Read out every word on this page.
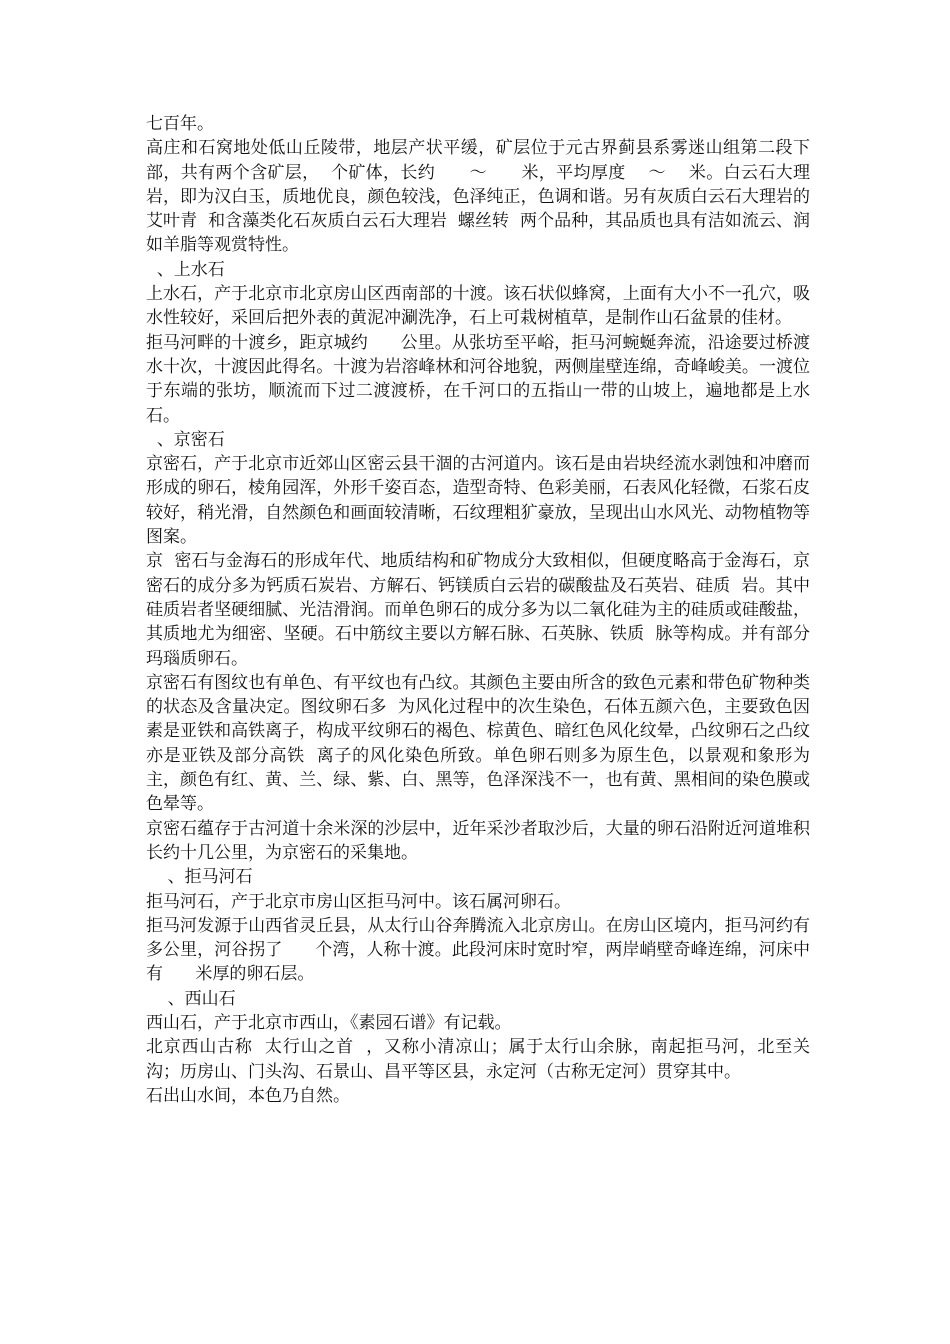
七百年。

高庄和石窝地处低山丘陵带，地层产状平缓，矿层位于元古界蓟县系雾迷山组第二段下部，共有两个含矿层，  个矿体，长约      ～      米，平均厚度    ～    米。白云石大理岩，即为汉白玉，质地优良，颜色较浅，色泽纯正，色调和谐。另有灰质白云石大理岩的  艾叶青  和含藻类化石灰质白云石大理岩  螺丝转  两个品种，其品质也具有洁如流云、润如羊脂等观赏特性。

、上水石

上水石，产于北京市北京房山区西南部的十渡。该石状似蜂窝，上面有大小不一孔穴，吸水性较好，采回后把外表的黄泥冲涮洗净，石上可栽树植草，是制作山石盆景的佳材。

拒马河畔的十渡乡，距京城约      公里。从张坊至平峪，拒马河蜿蜒奔流，沿途要过桥渡水十次，十渡因此得名。十渡为岩溶峰林和河谷地貌，两侧崖壁连绵，奇峰峻美。一渡位于东端的张坊，顺流而下过二渡渡桥，在千河口的五指山一带的山坡上，遍地都是上水石。

、京密石

京密石，产于北京市近郊山区密云县干涸的古河道内。该石是由岩块经流水剥蚀和冲磨而形成的卵石，棱角园浑，外形千姿百态，造型奇特、色彩美丽，石表风化轻微，石浆石皮较好，稍光滑，自然颜色和画面较清晰，石纹理粗犷豪放，呈现出山水风光、动物植物等图案。

京  密石与金海石的形成年代、地质结构和矿物成分大致相似，但硬度略高于金海石，京密石的成分多为钙质石炭岩、方解石、钙镁质白云岩的碳酸盐及石英岩、硅质  岩。其中硅质岩者坚硬细腻、光洁滑润。而单色卵石的成分多为以二氧化硅为主的硅质或硅酸盐，其质地尤为细密、坚硬。石中筋纹主要以方解石脉、石英脉、铁质  脉等构成。并有部分玛瑙质卵石。

京密石有图纹也有单色、有平纹也有凸纹。其颜色主要由所含的致色元素和带色矿物种类的状态及含量决定。图纹卵石多  为风化过程中的次生染色，石体五颜六色，主要致色因素是亚铁和高铁离子，构成平纹卵石的褐色、棕黄色、暗红色风化纹晕，凸纹卵石之凸纹亦是亚铁及部分高铁  离子的风化染色所致。单色卵石则多为原生色，以景观和象形为主，颜色有红、黄、兰、绿、紫、白、黑等，色泽深浅不一，也有黄、黑相间的染色膜或色晕等。

京密石蕴存于古河道十余米深的沙层中，近年采沙者取沙后，大量的卵石沿附近河道堆积长约十几公里，为京密石的采集地。

、拒马河石

拒马河石，产于北京市房山区拒马河中。该石属河卵石。

拒马河发源于山西省灵丘县，从太行山谷奔腾流入北京房山。在房山区境内，拒马河约有      多公里，河谷拐了      个湾，人称十渡。此段河床时宽时窄，两岸峭壁奇峰连绵，河床中有      米厚的卵石层。

、西山石

西山石，产于北京市西山，《素园石谱》有记载。

北京西山古称  太行山之首  ，又称小清凉山；属于太行山余脉，南起拒马河，北至关沟；历房山、门头沟、石景山、昌平等区县，永定河（古称无定河）贯穿其中。

石出山水间，本色乃自然。
